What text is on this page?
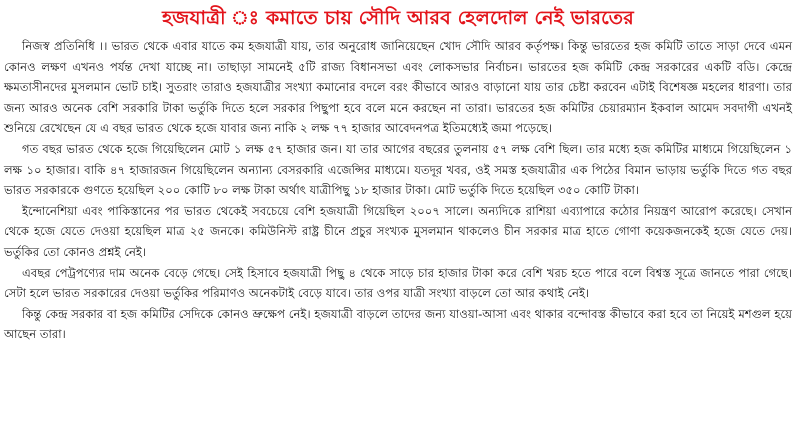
হজযাত্রী ঃ কমাতে চায় সৌদি আরব হেলদোল নেই ভারতের

নিজস্ব প্রতিনিধি ।। ভারত থেকে এবার যাতে কম হজযাত্রী যায়, তার অনুরোধ জানিয়েছেন খোদ সৌদি আরব কর্তৃপক্ষ। কিন্তু ভারতের হজ কমিটি তাতে সাড়া দেবে এমন কোনও লক্ষণ এখনও পর্যন্ত দেখা যাচ্ছে না। তাছাড়া সামনেই ৫টি রাজ্য বিধানসভা এবং লোকসভার নির্বাচন। ভারতের হজ কমিটি কেন্দ্র সরকারের একটি বডি। কেন্দ্রে ক্ষমতাসীনদের মুসলমান ভোট চাই। সুতরাং তারাও হজযাত্রীর সংখ্যা কমানোর বদলে বরং কীভাবে আরও বাড়ানো যায় তার চেষ্টা করবেন এটাই বিশেষজ্ঞ মহলের ধারণা। তার জন্য আরও অনেক বেশি সরকারি টাকা ভর্তুকি দিতে হলে সরকার পিছুপা হবে বলে মনে করছেন না তারা। ভারতের হজ কমিটির চেয়ারম্যান ইকবাল আমেদ সবদাগী এখনই শুনিয়ে রেখেছেন যে এ বছর ভারত থেকে হজে যাবার জন্য নাকি ২ লক্ষ ৭৭ হাজার আবেদনপত্র ইতিমধ্যেই জমা পড়েছে।

গত বছর ভারত থেকে হজে গিয়েছিলেন মোট ১ লক্ষ ৫৭ হাজার জন। যা তার আগের বছরের তুলনায় ৫৭ লক্ষ বেশি ছিল। তার মধ্যে হজ কমিটির মাধ্যমে গিয়েছিলেন ১ লক্ষ ১০ হাজার। বাকি ৪৭ হাজারজন গিয়েছিলেন অন্যান্য বেসরকারি এজেন্সির মাধ্যমে। যতদূর খবর, ওই সমস্ত হজযাত্রীর এক পিঠের বিমান ভাড়ায় ভর্তুকি দিতে গত বছর ভারত সরকারকে গুণতে হয়েছিল ২০০ কোটি ৮০ লক্ষ টাকা অর্থাৎ যাত্রীপিছু ১৮ হাজার টাকা। মোট ভর্তুকি দিতে হয়েছিল ৩৫০ কোটি টাকা।

ইন্দোনেশিয়া এবং পাকিস্তানের পর ভারত থেকেই সবচেয়ে বেশি হজযাত্রী গিয়েছিল ২০০৭ সালে। অন্যদিকে রাশিয়া এব্যাপারে কঠোর নিয়ন্ত্রণ আরোপ করেছে। সেখান থেকে হজে যেতে দেওয়া হয়েছিল মাত্র ২৫ জনকে। কমিউনিস্ট রাষ্ট্র চীনে প্রচুর সংখ্যক মুসলমান থাকলেও চীন সরকার মাত্র হাতে গোণা কয়েকজনকেই হজে যেতে দেয়। ভর্তুকির তো কোনও প্রশ্নই নেই।

এবছর পেট্রপণ্যের দাম অনেক বেড়ে গেছে। সেই হিসাবে হজযাত্রী পিছু ৪ থেকে সাড়ে চার হাজার টাকা করে বেশি খরচ হতে পারে বলে বিশ্বস্ত সূত্রে জানতে পারা গেছে। সেটা হলে ভারত সরকারের দেওয়া ভর্তুকির পরিমাণও অনেকটাই বেড়ে যাবে। তার ওপর যাত্রী সংখ্যা বাড়লে তো আর কথাই নেই।

কিন্তু কেন্দ্র সরকার বা হজ কমিটির সেদিকে কোনও ভ্রুক্ষেপ নেই। হজযাত্রী বাড়লে তাদের জন্য যাওয়া-আসা এবং থাকার বন্দোবস্ত কীভাবে করা হবে তা নিয়েই মশগুল হয়ে আছেন তারা।
